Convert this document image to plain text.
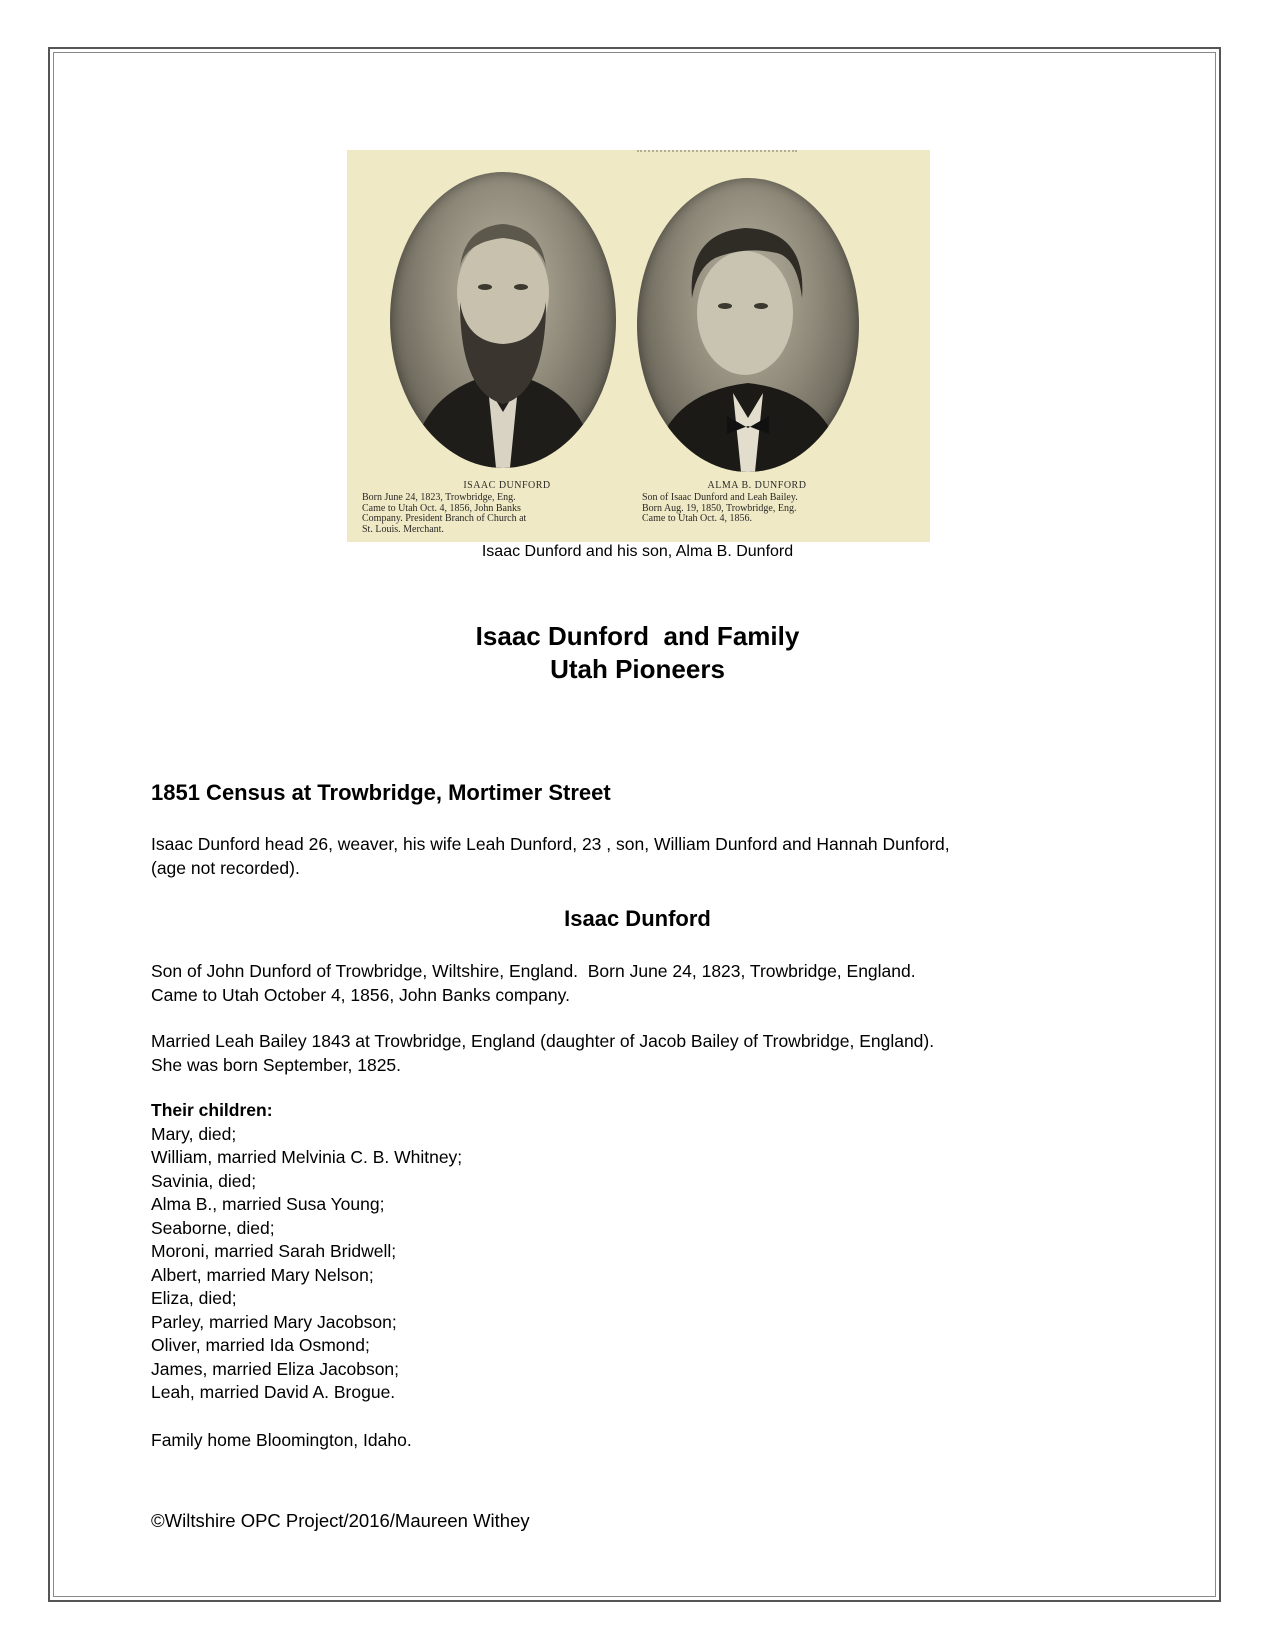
ISAAC DUNFORD
Born June 24, 1823, Trowbridge, Eng.
Came to Utah Oct. 4, 1856, John Banks
Company. President Branch of Church at
St. Louis. Merchant.
ALMA B. DUNFORD
Son of Isaac Dunford and Leah Bailey.
Born Aug. 19, 1850, Trowbridge, Eng.
Came to Utah Oct. 4, 1856.
Isaac Dunford and his son, Alma B. Dunford
Isaac Dunford  and Family
Utah Pioneers
1851 Census at Trowbridge, Mortimer Street
Isaac Dunford head 26, weaver, his wife Leah Dunford, 23 , son, William Dunford and Hannah Dunford,
(age not recorded).
Isaac Dunford
Son of John Dunford of Trowbridge, Wiltshire, England.  Born June 24, 1823, Trowbridge, England.
Came to Utah October 4, 1856, John Banks company.
Married Leah Bailey 1843 at Trowbridge, England (daughter of Jacob Bailey of Trowbridge, England).
She was born September, 1825.
Their children:
Mary, died;
William, married Melvinia C. B. Whitney;
Savinia, died;
Alma B., married Susa Young;
Seaborne, died;
Moroni, married Sarah Bridwell;
Albert, married Mary Nelson;
Eliza, died;
Parley, married Mary Jacobson;
Oliver, married Ida Osmond;
James, married Eliza Jacobson;
Leah, married David A. Brogue.
Family home Bloomington, Idaho.
©Wiltshire OPC Project/2016/Maureen Withey
